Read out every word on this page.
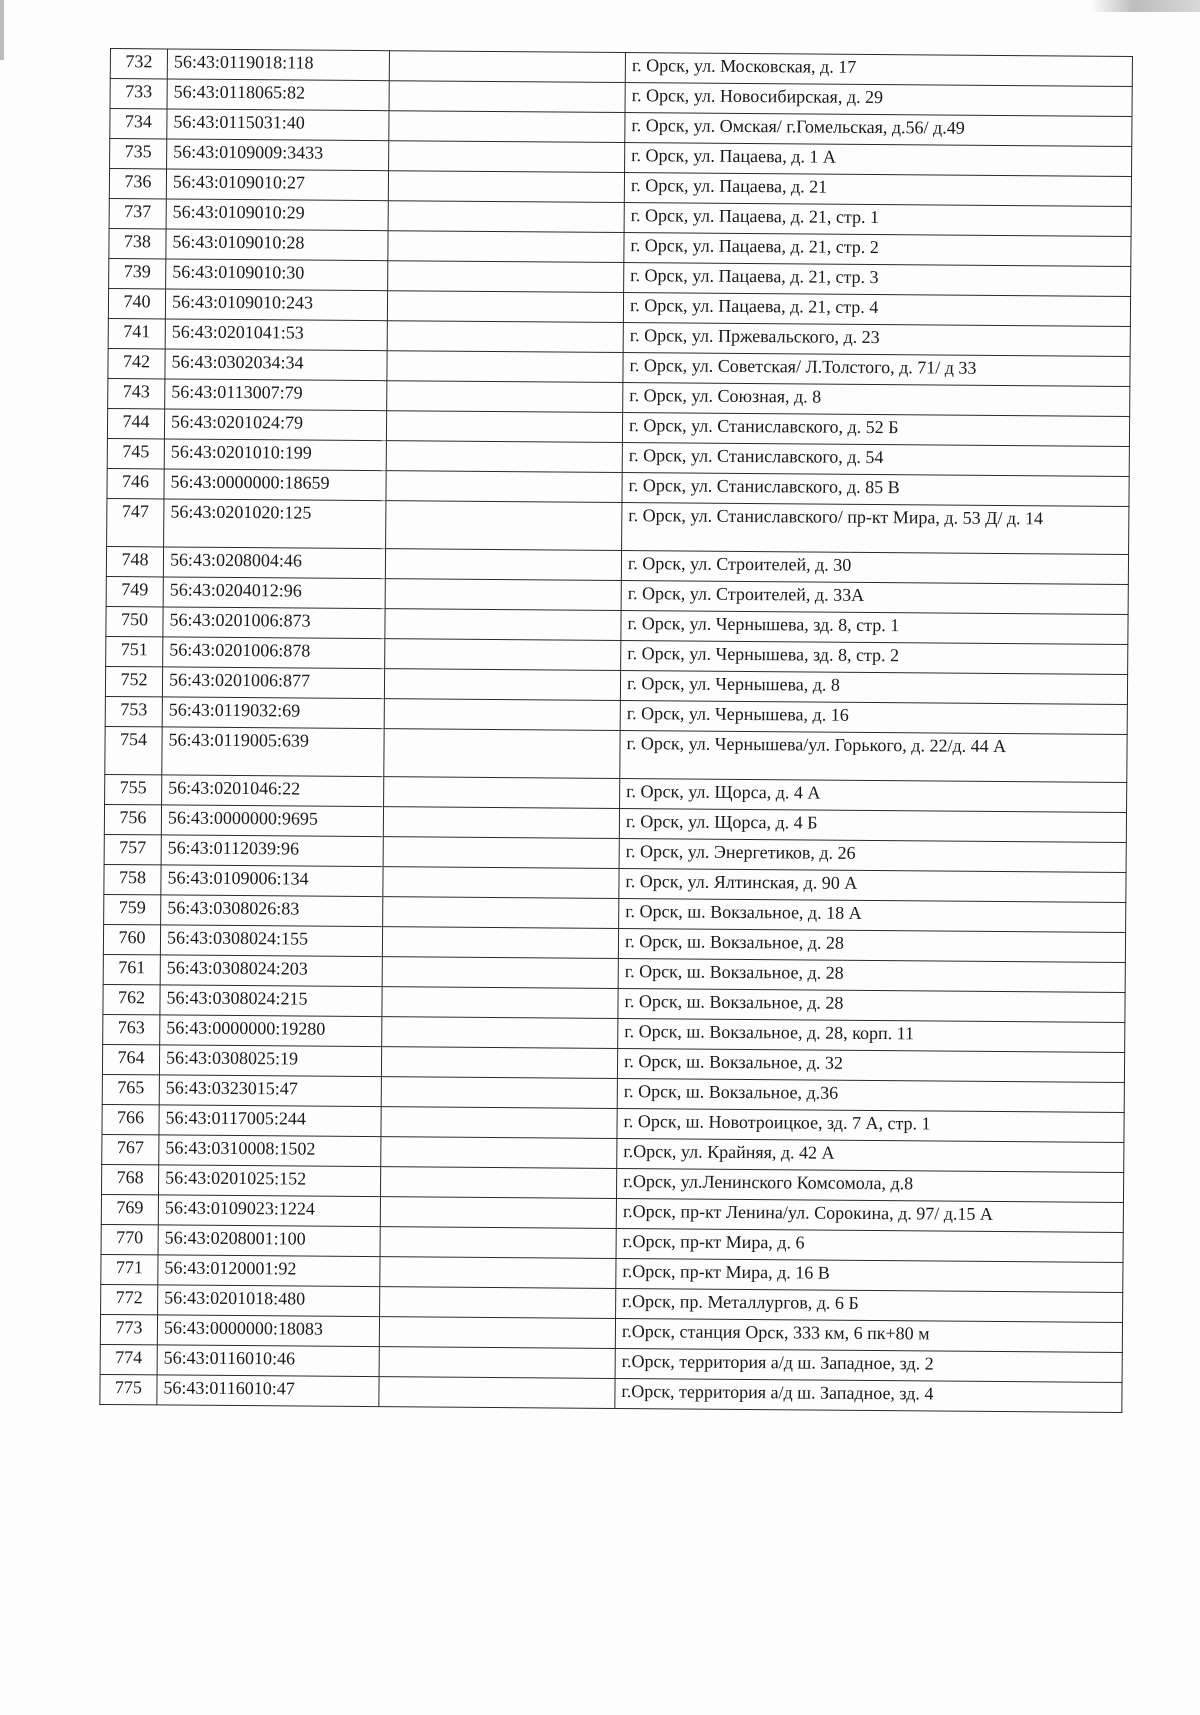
732	56:43:0119018:118		г. Орск, ул. Московская, д. 17
733	56:43:0118065:82		г. Орск, ул. Новосибирская, д. 29
734	56:43:0115031:40		г. Орск, ул. Омская/ г.Гомельская, д.56/ д.49
735	56:43:0109009:3433		г. Орск, ул. Пацаева, д. 1 А
736	56:43:0109010:27		г. Орск, ул. Пацаева, д. 21
737	56:43:0109010:29		г. Орск, ул. Пацаева, д. 21, стр. 1
738	56:43:0109010:28		г. Орск, ул. Пацаева, д. 21, стр. 2
739	56:43:0109010:30		г. Орск, ул. Пацаева, д. 21, стр. 3
740	56:43:0109010:243		г. Орск, ул. Пацаева, д. 21, стр. 4
741	56:43:0201041:53		г. Орск, ул. Пржевальского, д. 23
742	56:43:0302034:34		г. Орск, ул. Советская/ Л.Толстого, д. 71/ д 33
743	56:43:0113007:79		г. Орск, ул. Союзная, д. 8
744	56:43:0201024:79		г. Орск, ул. Станиславского, д. 52 Б
745	56:43:0201010:199		г. Орск, ул. Станиславского, д. 54
746	56:43:0000000:18659		г. Орск, ул. Станиславского, д. 85 В
747	56:43:0201020:125		г. Орск, ул. Станиславского/ пр-кт Мира, д. 53 Д/ д. 14
748	56:43:0208004:46		г. Орск, ул. Строителей, д. 30
749	56:43:0204012:96		г. Орск, ул. Строителей, д. 33А
750	56:43:0201006:873		г. Орск, ул. Чернышева, зд. 8, стр. 1
751	56:43:0201006:878		г. Орск, ул. Чернышева, зд. 8, стр. 2
752	56:43:0201006:877		г. Орск, ул. Чернышева, д. 8
753	56:43:0119032:69		г. Орск, ул. Чернышева, д. 16
754	56:43:0119005:639		г. Орск, ул. Чернышева/ул. Горького, д. 22/д. 44 А
755	56:43:0201046:22		г. Орск, ул. Щорса, д. 4 А
756	56:43:0000000:9695		г. Орск, ул. Щорса, д. 4 Б
757	56:43:0112039:96		г. Орск, ул. Энергетиков, д. 26
758	56:43:0109006:134		г. Орск, ул. Ялтинская, д. 90 А
759	56:43:0308026:83		г. Орск, ш. Вокзальное, д. 18 А
760	56:43:0308024:155		г. Орск, ш. Вокзальное, д. 28
761	56:43:0308024:203		г. Орск, ш. Вокзальное, д. 28
762	56:43:0308024:215		г. Орск, ш. Вокзальное, д. 28
763	56:43:0000000:19280		г. Орск, ш. Вокзальное, д. 28, корп. 11
764	56:43:0308025:19		г. Орск, ш. Вокзальное, д. 32
765	56:43:0323015:47		г. Орск, ш. Вокзальное, д.36
766	56:43:0117005:244		г. Орск, ш. Новотроицкое, зд. 7 А, стр. 1
767	56:43:0310008:1502		г.Орск, ул. Крайняя, д. 42 А
768	56:43:0201025:152		г.Орск, ул.Ленинского Комсомола, д.8
769	56:43:0109023:1224		г.Орск, пр-кт Ленина/ул. Сорокина, д. 97/ д.15 А
770	56:43:0208001:100		г.Орск, пр-кт Мира, д. 6
771	56:43:0120001:92		г.Орск, пр-кт Мира, д. 16 В
772	56:43:0201018:480		г.Орск, пр. Металлургов, д. 6 Б
773	56:43:0000000:18083		г.Орск, станция Орск, 333 км, 6 пк+80 м
774	56:43:0116010:46		г.Орск, территория а/д ш. Западное, зд. 2
775	56:43:0116010:47		г.Орск, территория а/д ш. Западное, зд. 4
